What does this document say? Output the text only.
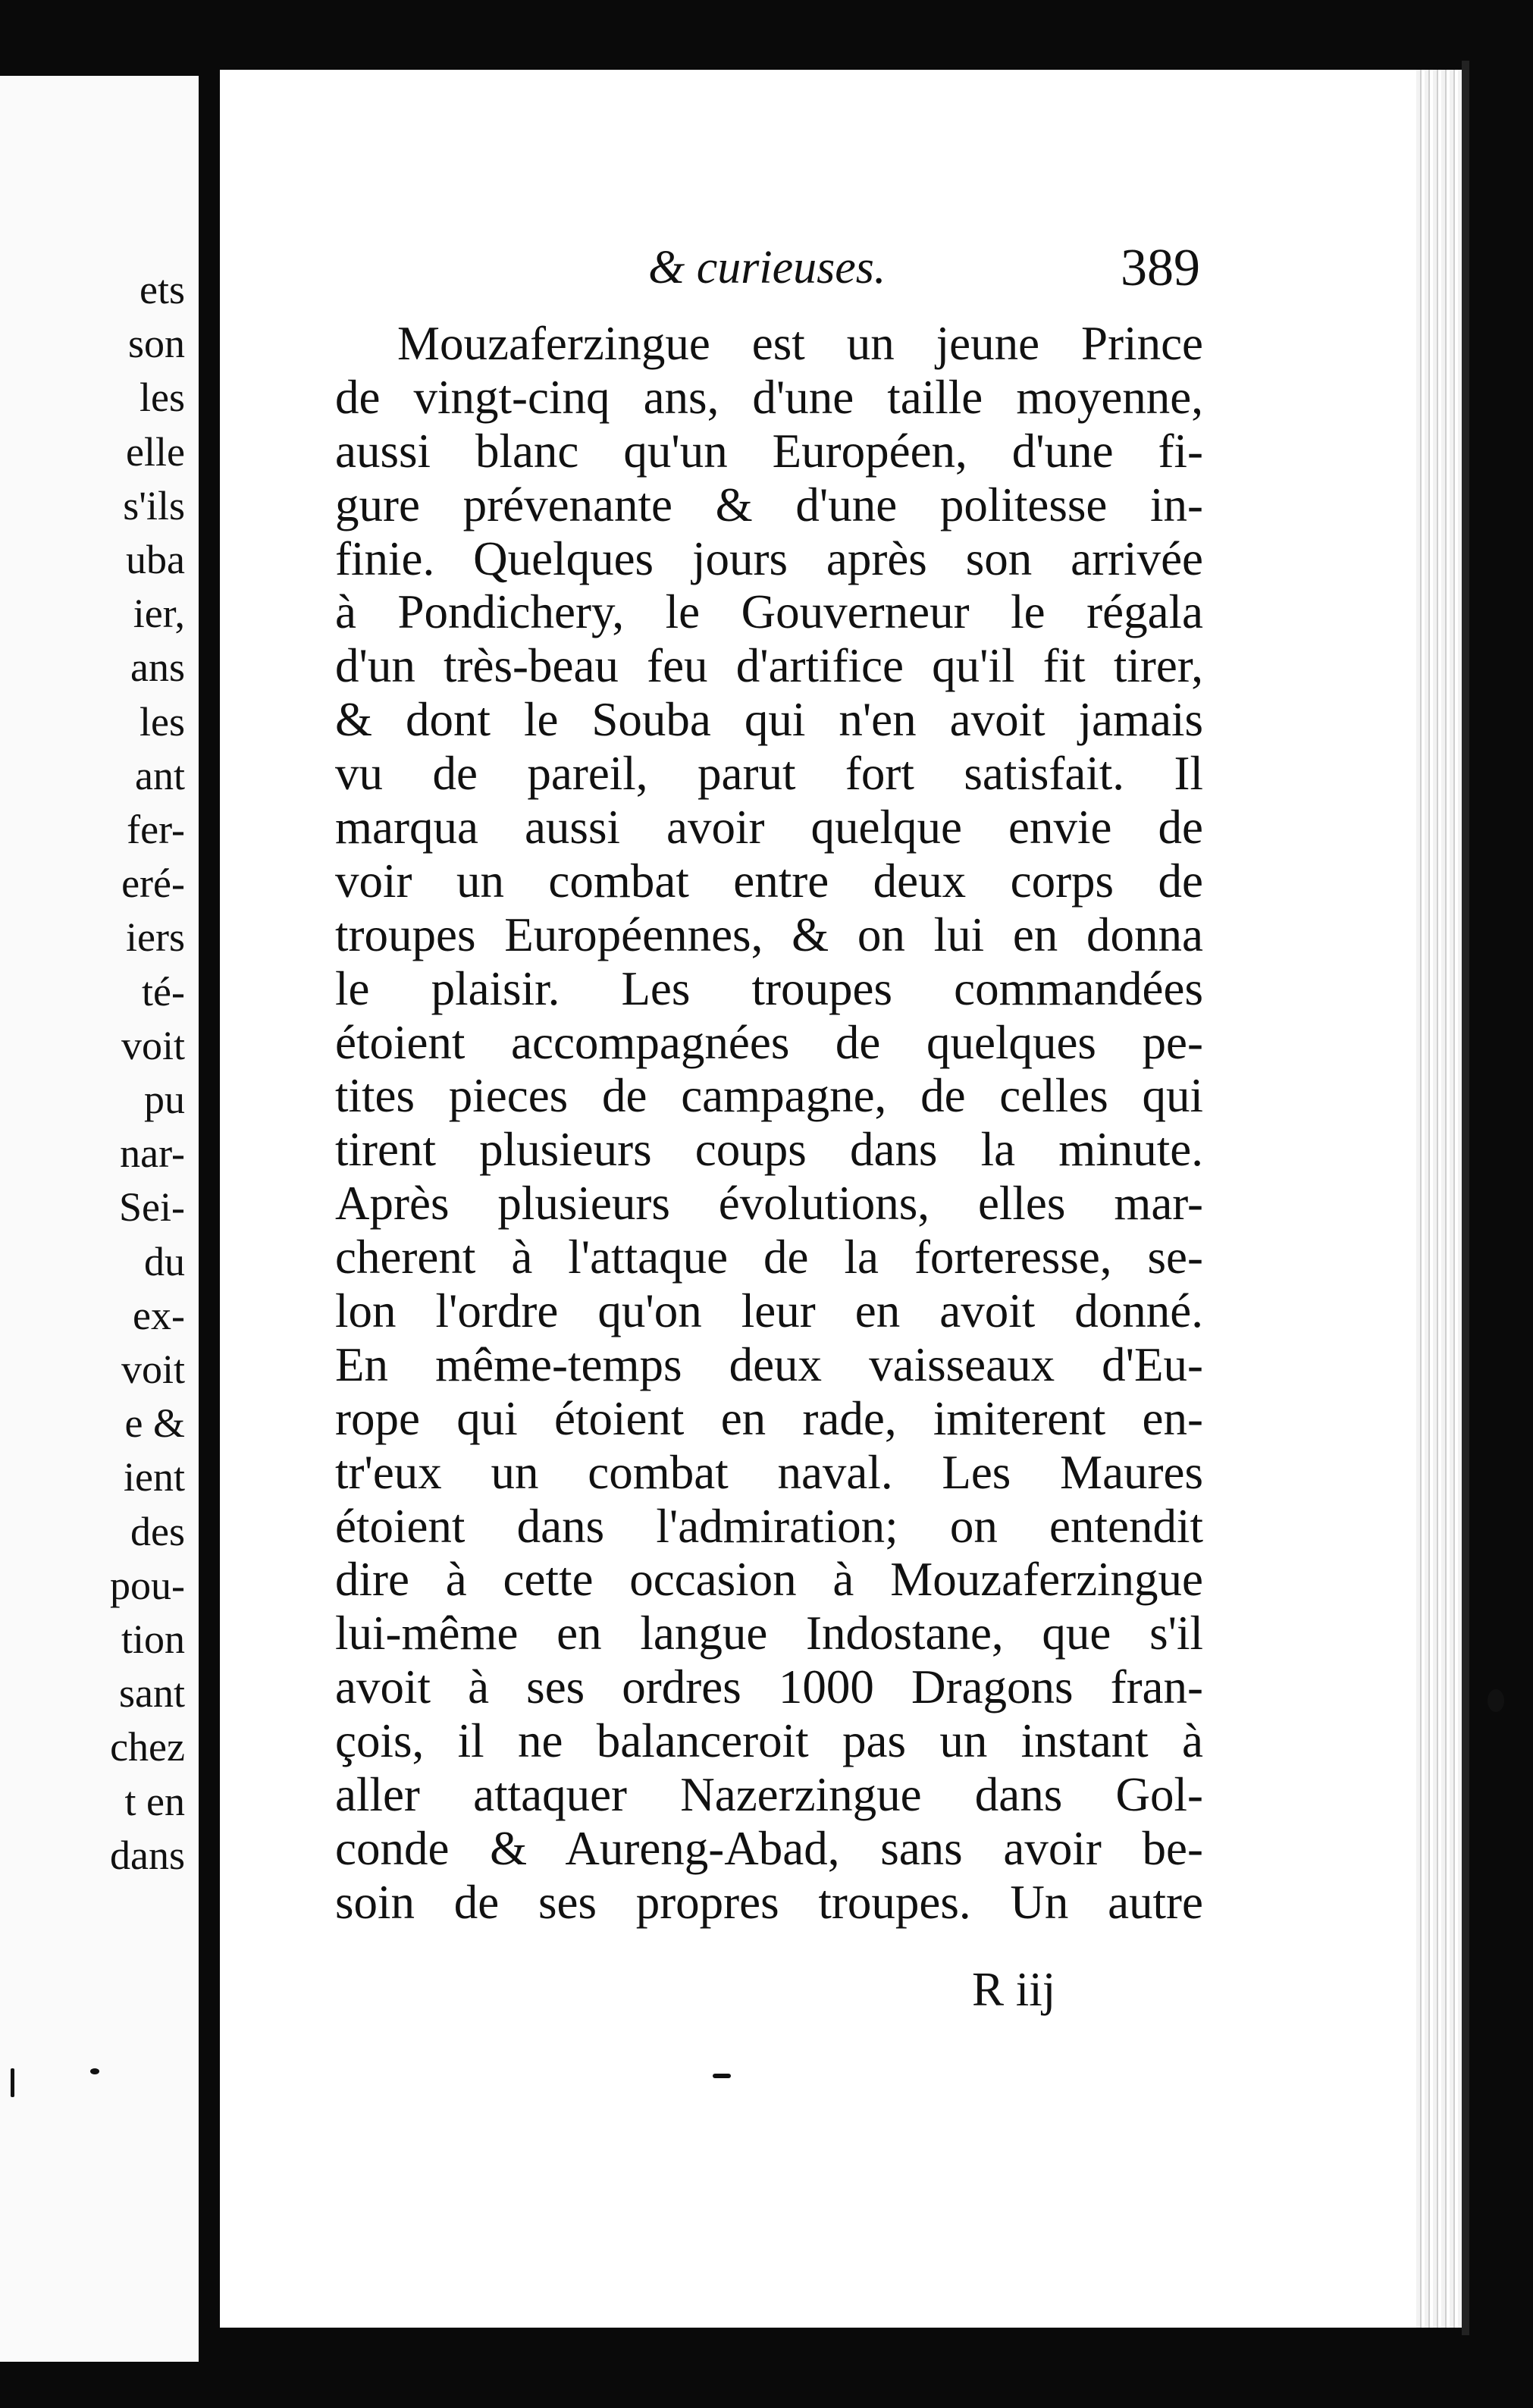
ets
son
les
elle
s'ils
uba
ier,
ans
les
ant
fer-
eré-
iers
té-
voit
pu
nar-
Sei-
du
ex-
voit
e &
ient
des
pou-
tion
sant
chez
t en
dans
& curieuses.	389
Mouzaferzingue est un jeune Prince
de vingt-cinq ans, d'une taille moyenne,
aussi blanc qu'un Européen, d'une fi-
gure prévenante & d'une politesse in-
finie. Quelques jours après son arrivée
à Pondichery, le Gouverneur le régala
d'un très-beau feu d'artifice qu'il fit tirer,
& dont le Souba qui n'en avoit jamais
vu de pareil, parut fort satisfait. Il
marqua aussi avoir quelque envie de
voir un combat entre deux corps de
troupes Européennes, & on lui en donna
le plaisir. Les troupes commandées
étoient accompagnées de quelques pe-
tites pieces de campagne, de celles qui
tirent plusieurs coups dans la minute.
Après plusieurs évolutions, elles mar-
cherent à l'attaque de la forteresse, se-
lon l'ordre qu'on leur en avoit donné.
En même-temps deux vaisseaux d'Eu-
rope qui étoient en rade, imiterent en-
tr'eux un combat naval. Les Maures
étoient dans l'admiration; on entendit
dire à cette occasion à Mouzaferzingue
lui-même en langue Indostane, que s'il
avoit à ses ordres 1000 Dragons fran-
çois, il ne balanceroit pas un instant à
aller attaquer Nazerzingue dans Gol-
conde & Aureng-Abad, sans avoir be-
soin de ses propres troupes. Un autre
R iij
